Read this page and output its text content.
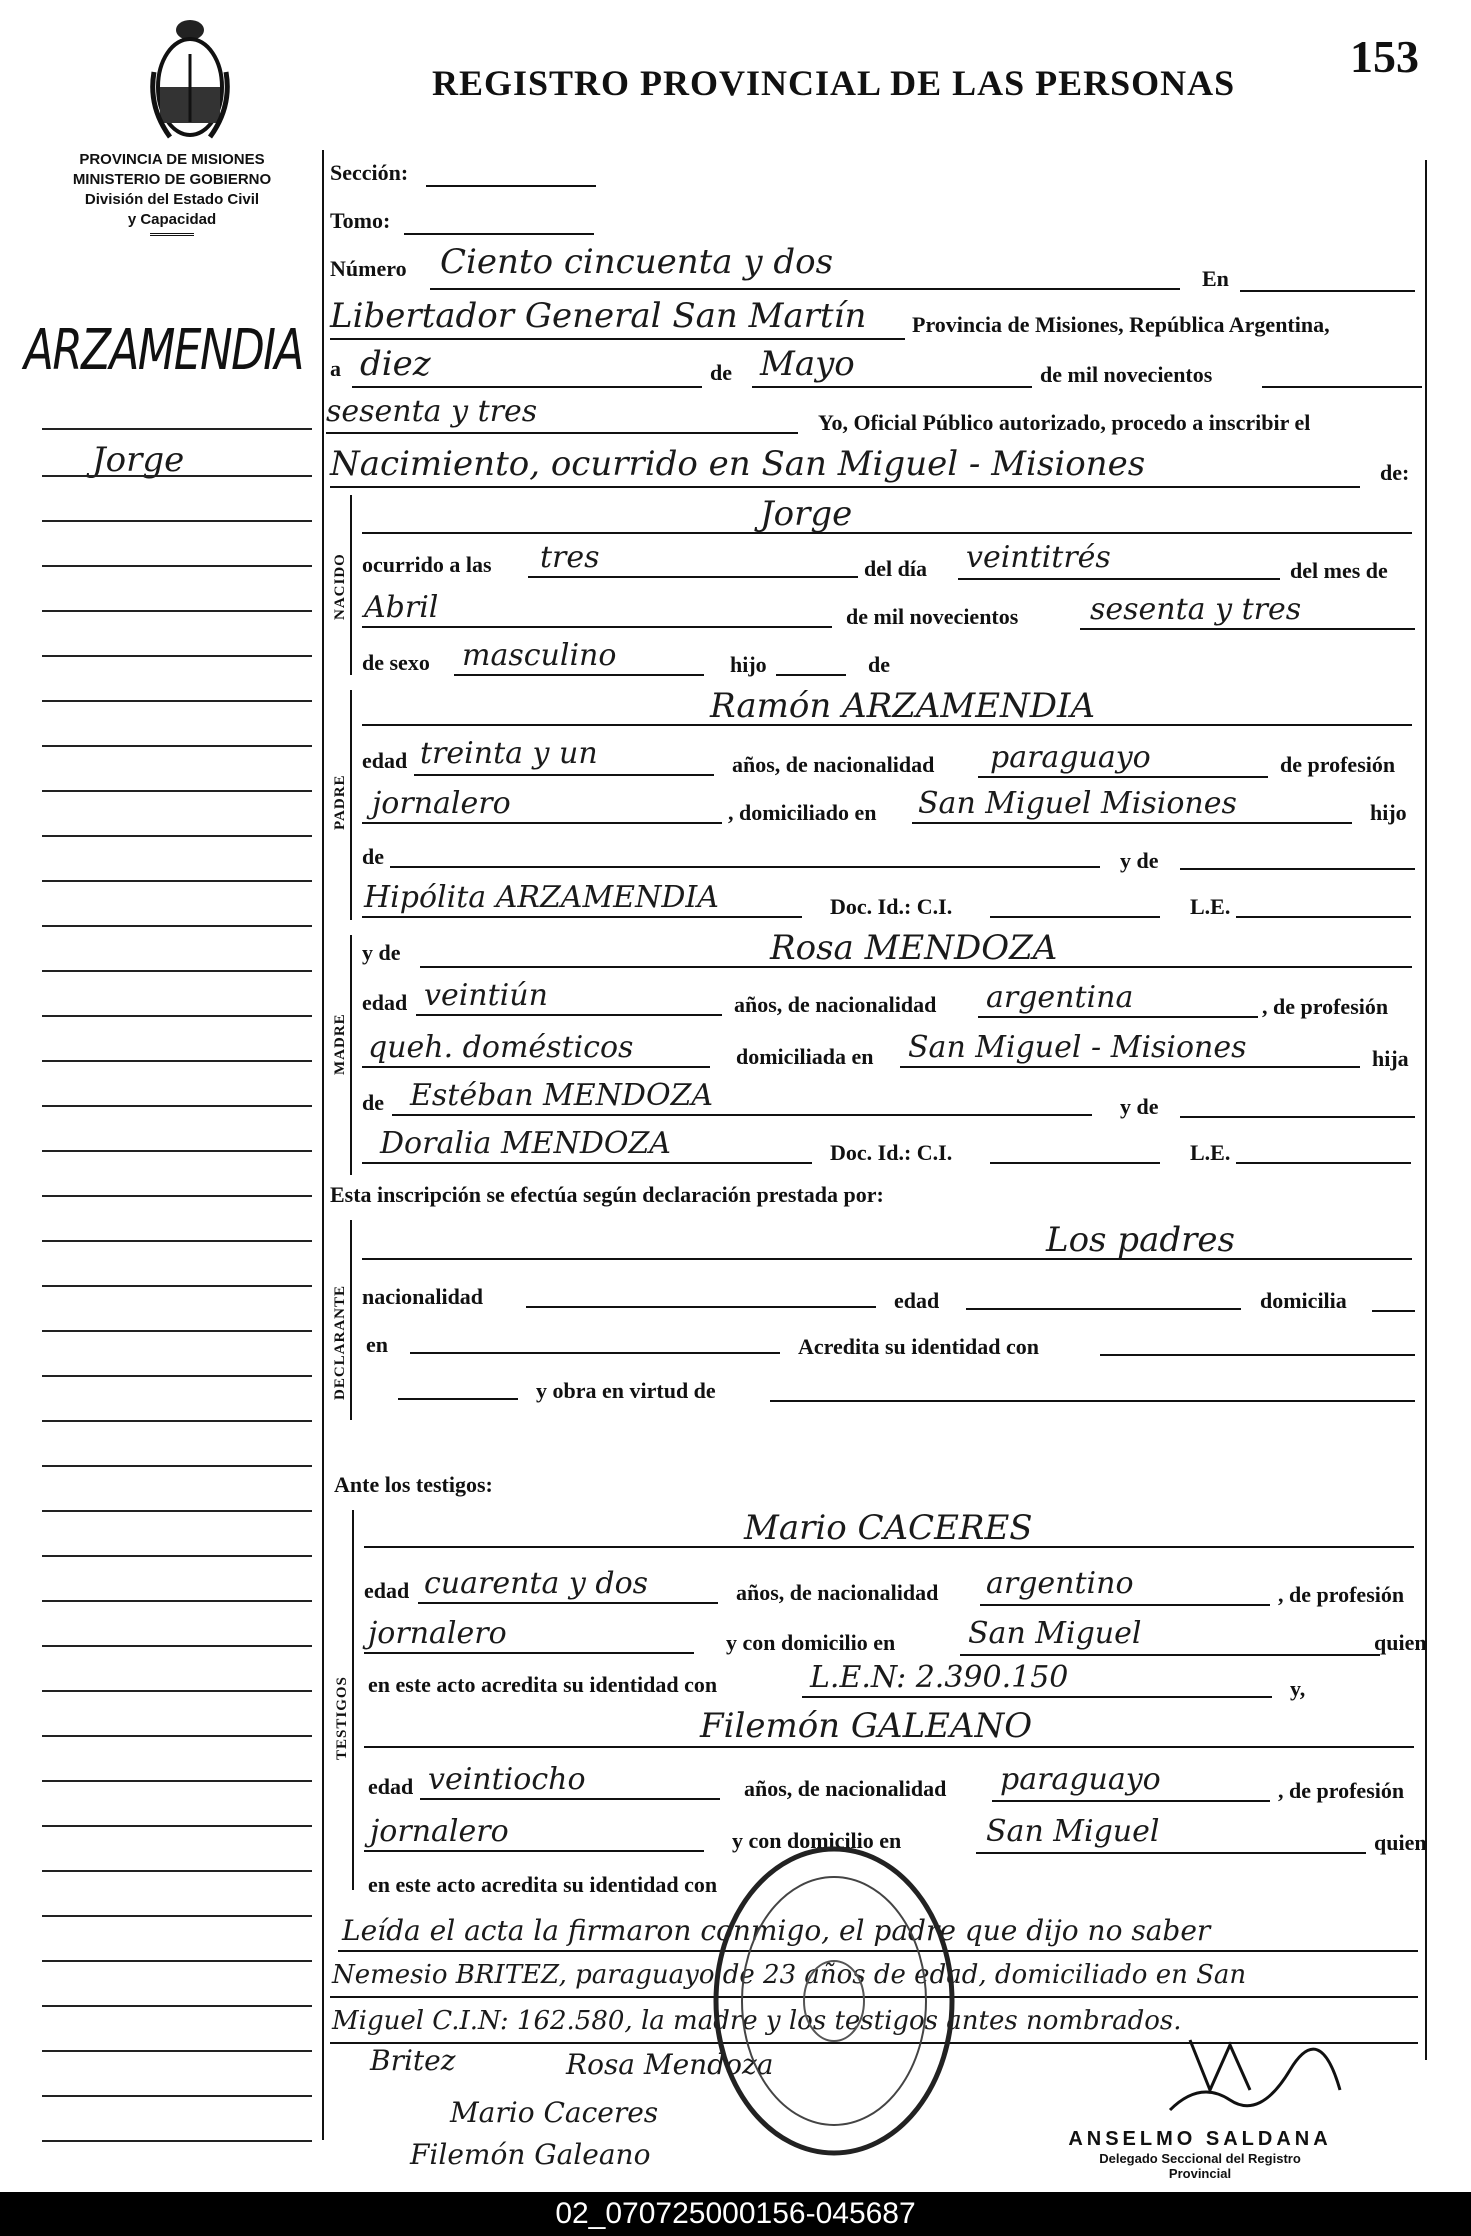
REGISTRO PROVINCIAL DE LAS PERSONAS
153
PROVINCIA DE MISIONES
MINISTERIO DE GOBIERNO
División del Estado Civil
y Capacidad
ARZAMENDIA
Jorge
Sección:
Tomo:
Número Ciento cincuenta y dos	En
Libertador General San Martín Provincia de Misiones, República Argentina,
a diez	de Mayo	de mil novecientos
sesenta y tres	Yo, Oficial Público autorizado, procedo a inscribir el
Nacimiento, ocurrido en San Miguel - Misiones	de:
NACIDO
Jorge
ocurrido a las tres	del día veintitrés	del mes de
Abril	de mil novecientos sesenta y tres
de sexo masculino	hijo	de
PADRE
Ramón ARZAMENDIA
edad treinta y un	años, de nacionalidad paraguayo	de profesión
jornalero	, domiciliado en San Miguel Misiones	hijo
de	y de
Hipólita ARZAMENDIA	Doc. Id.: C.I.	L.E.
MADRE
y de	Rosa MENDOZA
edad veintiún	años, de nacionalidad argentina	, de profesión
queh. domésticos	domiciliada en San Miguel - Misiones	hija
de Estéban MENDOZA	y de
Doralia MENDOZA	Doc. Id.: C.I.	L.E.
Esta inscripción se efectúa según declaración prestada por:
DECLARANTE
Los padres
nacionalidad	edad	domicilia
en	Acredita su identidad con
y obra en virtud de
Ante los testigos:
TESTIGOS
Mario CACERES
edad cuarenta y dos	años, de nacionalidad argentino	, de profesión
jornalero	y con domicilio en San Miguel	quien
en este acto acredita su identidad con	L.E.N: 2.390.150	y,
Filemón GALEANO
edad veintiocho	años, de nacionalidad paraguayo	, de profesión
jornalero	y con domicilio en	San Miguel	quien
en este acto acredita su identidad con
Leída el acta la firmaron conmigo, el padre que dijo no saber
Nemesio BRITEZ, paraguayo de 23 años de edad, domiciliado en San
Miguel C.I.N: 162.580, la madre y los testigos antes nombrados.
Britez	Rosa Mendoza
Mario Caceres
Filemón Galeano	ANSELMO SALDANA
Delegado Seccional del Registro
Provincial
02_070725000156-045687
